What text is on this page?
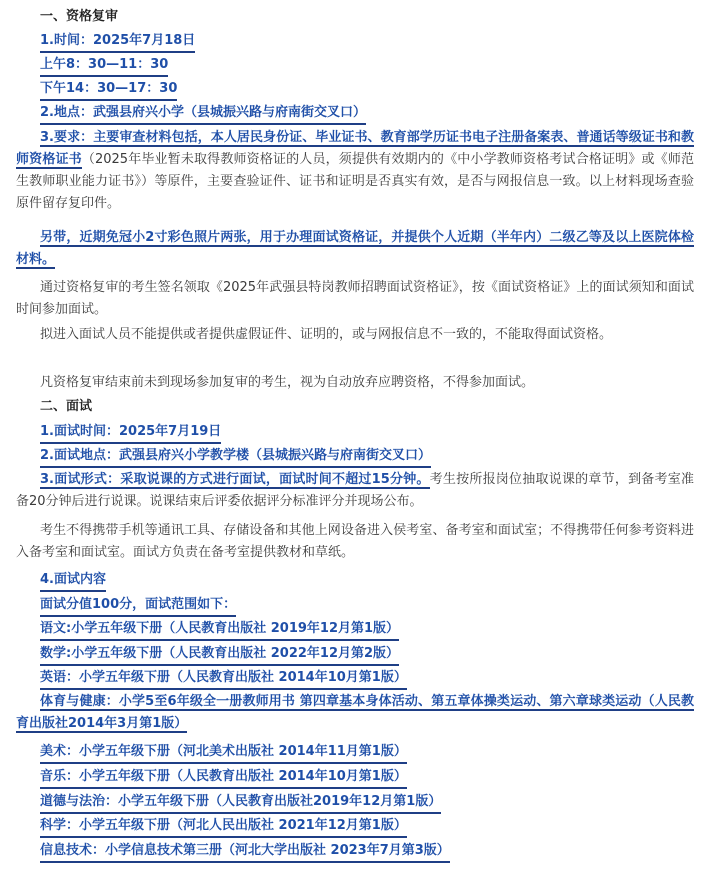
一、资格复审
1.时间：2025年7月18日
上午8：30—11：30
下午14：30—17：30
2.地点：武强县府兴小学（县城振兴路与府南街交叉口）
3.要求：主要审查材料包括，本人居民身份证、毕业证书、教育部学历证书电子注册备案表、普通话等级证书和教师资格证书（2025年毕业暂未取得教师资格证的人员，须提供有效期内的《中小学教师资格考试合格证明》或《师范生教师职业能力证书》）等原件，主要查验证件、证书和证明是否真实有效，是否与网报信息一致。以上材料现场查验原件留存复印件。
另带，近期免冠小2寸彩色照片两张，用于办理面试资格证，并提供个人近期（半年内）二级乙等及以上医院体检材料。
通过资格复审的考生签名领取《2025年武强县特岗教师招聘面试资格证》，按《面试资格证》上的面试须知和面试时间参加面试。
拟进入面试人员不能提供或者提供虚假证件、证明的，或与网报信息不一致的，不能取得面试资格。
凡资格复审结束前未到现场参加复审的考生，视为自动放弃应聘资格，不得参加面试。
二、面试
1.面试时间：2025年7月19日
2.面试地点：武强县府兴小学教学楼（县城振兴路与府南街交叉口）
3.面试形式：采取说课的方式进行面试，面试时间不超过15分钟。考生按所报岗位抽取说课的章节，到备考室准备20分钟后进行说课。说课结束后评委依据评分标准评分并现场公布。
考生不得携带手机等通讯工具、存储设备和其他上网设备进入侯考室、备考室和面试室；不得携带任何参考资料进入备考室和面试室。面试方负责在备考室提供教材和草纸。
4.面试内容
面试分值100分，面试范围如下：
语文:小学五年级下册（人民教育出版社 2019年12月第1版）
数学:小学五年级下册（人民教育出版社 2022年12月第2版）
英语：小学五年级下册（人民教育出版社 2014年10月第1版）
体育与健康：小学5至6年级全一册教师用书 第四章基本身体活动、第五章体操类运动、第六章球类运动（人民教育出版社2014年3月第1版）
美术：小学五年级下册（河北美术出版社 2014年11月第1版）
音乐：小学五年级下册（人民教育出版社 2014年10月第1版）
道德与法治：小学五年级下册（人民教育出版社2019年12月第1版）
科学：小学五年级下册（河北人民出版社 2021年12月第1版）
信息技术：小学信息技术第三册（河北大学出版社 2023年7月第3版）
